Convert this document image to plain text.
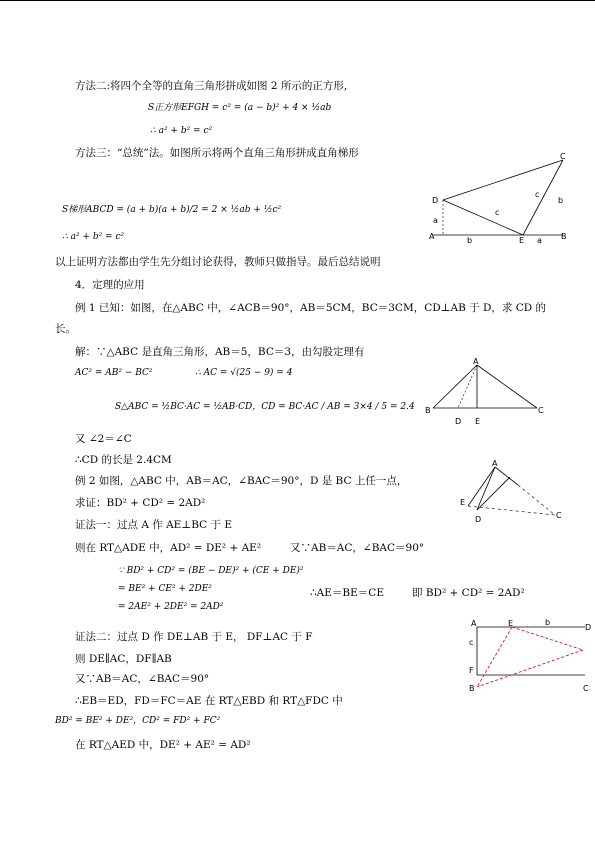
方法二:将四个全等的直角三角形拼成如图 2 所示的正方形,
S正方形EFGH = c² = (a − b)² + 4 × ½ab
∴ a² + b² = c²
方法三：“总统”法。如图所示将两个直角三角形拼成直角梯形
S梯形ABCD = (a + b)(a + b)/2 = 2 × ½ab + ½c²
∴ a² + b² = c²
D
C
A	B
E
a
b
c
c
b
a
以上证明方法都由学生先分组讨论获得，教师只做指导。最后总结说明
4．定理的应用
例 1 已知：如图，在△ABC 中，∠ACB＝90°，AB＝5CM，BC＝3CM，CD⊥AB 于 D，求 CD 的
长。
解：∵△ABC 是直角三角形，AB＝5，BC＝3，由勾股定理有
AC² = AB² − BC²	∴ AC = √(25 − 9) = 4
S△ABC = ½BC·AC = ½AB·CD，CD = BC·AC / AB = 3×4 / 5 = 2.4
又 ∠2＝∠C
∴CD 的长是 2.4CM
A
B
D E
C
例 2 如图，△ABC 中，AB＝AC，∠BAC＝90°，D 是 BC 上任一点，
求证：BD² + CD² = 2AD²
A
E
D	C
证法一：过点 A 作 AE⊥BC 于 E
则在 RT△ADE 中，AD² = DE² + AE²	又∵AB＝AC，∠BAC＝90°
∵ BD² + CD² = (BE − DE)² + (CE + DE)²
= BE² + CE² + 2DE²
= 2AE² + 2DE² = 2AD²
∴AE＝BE＝CE	即 BD² + CD² = 2AD²
证法二：过点 D 作 DE⊥AB 于 E， DF⊥AC 于 F
则 DE∥AC，DF∥AB
又∵AB＝AC，∠BAC＝90°
∴EB＝ED，FD＝FC＝AE 在 RT△EBD 和 RT△FDC 中
BD² = BE² + DE²，CD² = FD² + FC²
在 RT△AED 中，DE² + AE² = AD²
A	E	b
D
c
F
B	C
